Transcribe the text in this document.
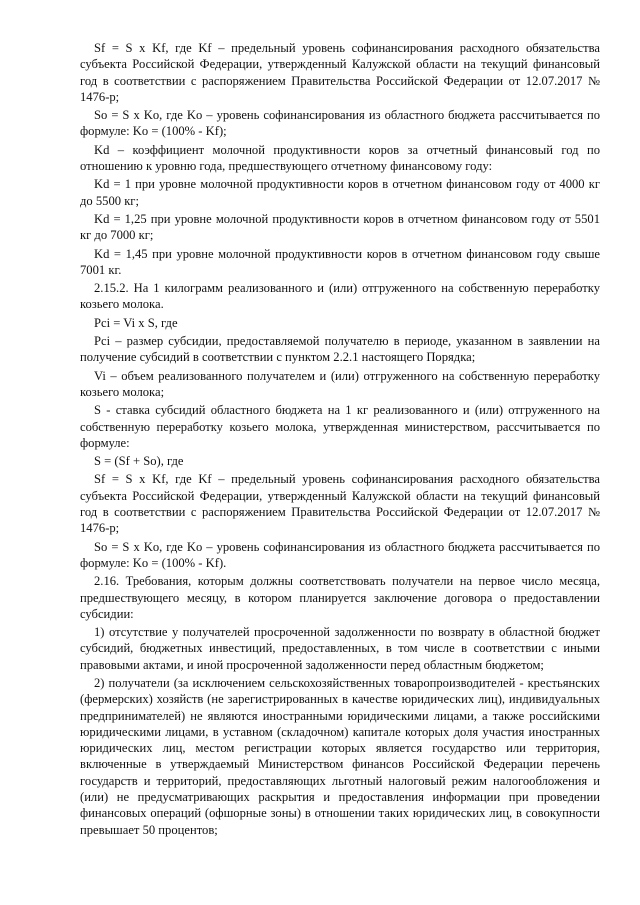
Sf = S x Kf, где Kf – предельный уровень софинансирования расходного обязательства субъекта Российской Федерации, утвержденный Калужской области на текущий финансовый год в соответствии с распоряжением Правительства Российской Федерации от 12.07.2017 № 1476-р;

So = S x Ko, где Ko – уровень софинансирования из областного бюджета рассчитывается по формуле: Ko = (100% - Kf);

Kd – коэффициент молочной продуктивности коров за отчетный финансовый год по отношению к уровню года, предшествующего отчетному финансовому году:

Kd = 1 при уровне молочной продуктивности коров в отчетном финансовом году от 4000 кг до 5500 кг;

Kd = 1,25 при уровне молочной продуктивности коров в отчетном финансовом году от 5501 кг до 7000 кг;

Kd = 1,45 при уровне молочной продуктивности коров в отчетном финансовом году свыше 7001 кг.

2.15.2. На 1 килограмм реализованного и (или) отгруженного на собственную переработку козьего молока.

Pci = Vi x S, где

Pci – размер субсидии, предоставляемой получателю в периоде, указанном в заявлении на получение субсидий в соответствии с пунктом 2.2.1 настоящего Порядка;

Vi – объем реализованного получателем и (или) отгруженного на собственную переработку козьего молока;

S - ставка субсидий областного бюджета на 1 кг реализованного и (или) отгруженного на собственную переработку козьего молока, утвержденная министерством, рассчитывается по формуле:

S = (Sf + So), где

Sf = S x Kf, где Kf – предельный уровень софинансирования расходного обязательства субъекта Российской Федерации, утвержденный Калужской области на текущий финансовый год в соответствии с распоряжением Правительства Российской Федерации от 12.07.2017 № 1476-р;

So = S x Ko, где Ko – уровень софинансирования из областного бюджета рассчитывается по формуле: Ko = (100% - Kf).

2.16. Требования, которым должны соответствовать получатели на первое число месяца, предшествующего месяцу, в котором планируется заключение договора о предоставлении субсидии:

1) отсутствие у получателей просроченной задолженности по возврату в областной бюджет субсидий, бюджетных инвестиций, предоставленных, в том числе в соответствии с иными правовыми актами, и иной просроченной задолженности перед областным бюджетом;

2) получатели (за исключением сельскохозяйственных товаропроизводителей - крестьянских (фермерских) хозяйств (не зарегистрированных в качестве юридических лиц), индивидуальных предпринимателей) не являются иностранными юридическими лицами, а также российскими юридическими лицами, в уставном (складочном) капитале которых доля участия иностранных юридических лиц, местом регистрации которых является государство или территория, включенные в утверждаемый Министерством финансов Российской Федерации перечень государств и территорий, предоставляющих льготный налоговый режим налогообложения и (или) не предусматривающих раскрытия и предоставления информации при проведении финансовых операций (офшорные зоны) в отношении таких юридических лиц, в совокупности превышает 50 процентов;
